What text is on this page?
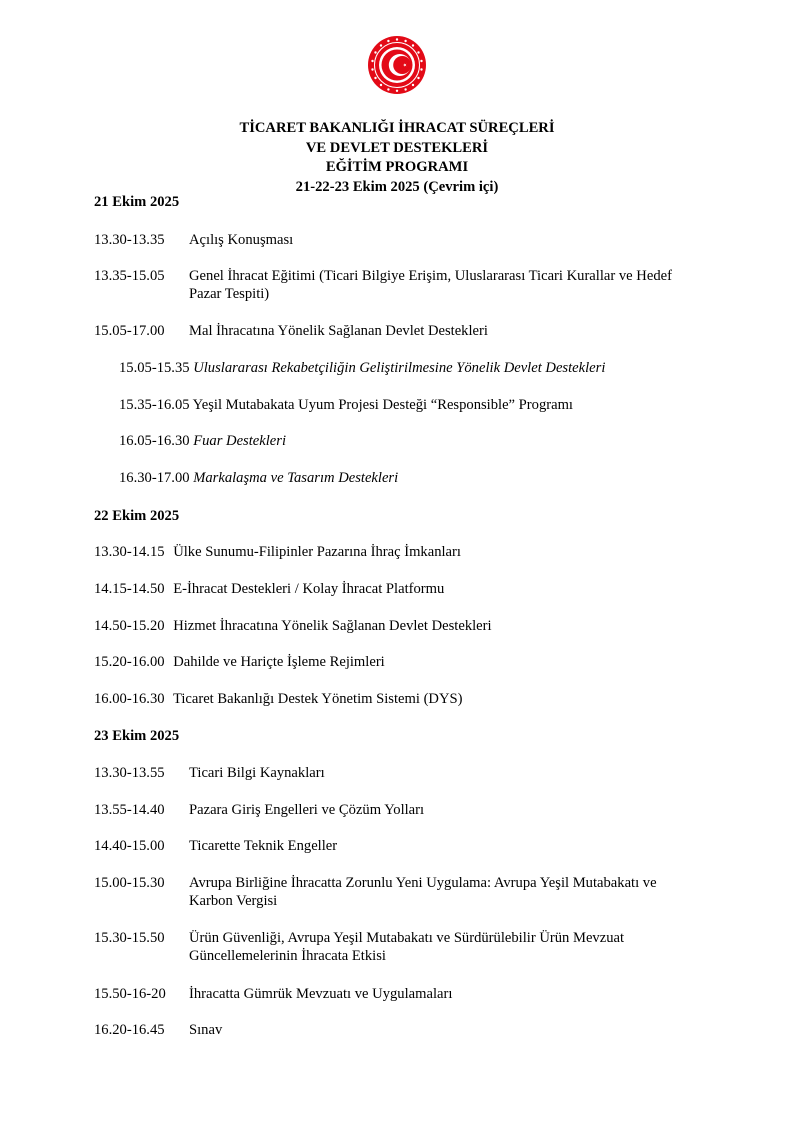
TİCARET BAKANLIĞI İHRACAT SÜREÇLERİ
VE DEVLET DESTEKLERİ
EĞİTİM PROGRAMI
21-22-23 Ekim 2025 (Çevrim içi)
21 Ekim 2025
13.30-13.35 Açılış Konuşması
13.35-15.05 Genel İhracat Eğitimi (Ticari Bilgiye Erişim, Uluslararası Ticari Kurallar ve Hedef Pazar Tespiti)
15.05-17.00 Mal İhracatına Yönelik Sağlanan Devlet Destekleri
15.05-15.35 Uluslararası Rekabetçiliğin Geliştirilmesine Yönelik Devlet Destekleri
15.35-16.05 Yeşil Mutabakata Uyum Projesi Desteği “Responsible” Programı
16.05-16.30 Fuar Destekleri
16.30-17.00 Markalaşma ve Tasarım Destekleri
22 Ekim 2025
13.30-14.15 Ülke Sunumu-Filipinler Pazarına İhraç İmkanları
14.15-14.50 E-İhracat Destekleri / Kolay İhracat Platformu
14.50-15.20 Hizmet İhracatına Yönelik Sağlanan Devlet Destekleri
15.20-16.00 Dahilde ve Hariçte İşleme Rejimleri
16.00-16.30 Ticaret Bakanlığı Destek Yönetim Sistemi (DYS)
23 Ekim 2025
13.30-13.55 Ticari Bilgi Kaynakları
13.55-14.40 Pazara Giriş Engelleri ve Çözüm Yolları
14.40-15.00 Ticarette Teknik Engeller
15.00-15.30 Avrupa Birliğine İhracatta Zorunlu Yeni Uygulama: Avrupa Yeşil Mutabakatı ve Karbon Vergisi
15.30-15.50 Ürün Güvenliği, Avrupa Yeşil Mutabakatı ve Sürdürülebilir Ürün Mevzuat Güncellemelerinin İhracata Etkisi
15.50-16-20 İhracatta Gümrük Mevzuatı ve Uygulamaları
16.20-16.45 Sınav
